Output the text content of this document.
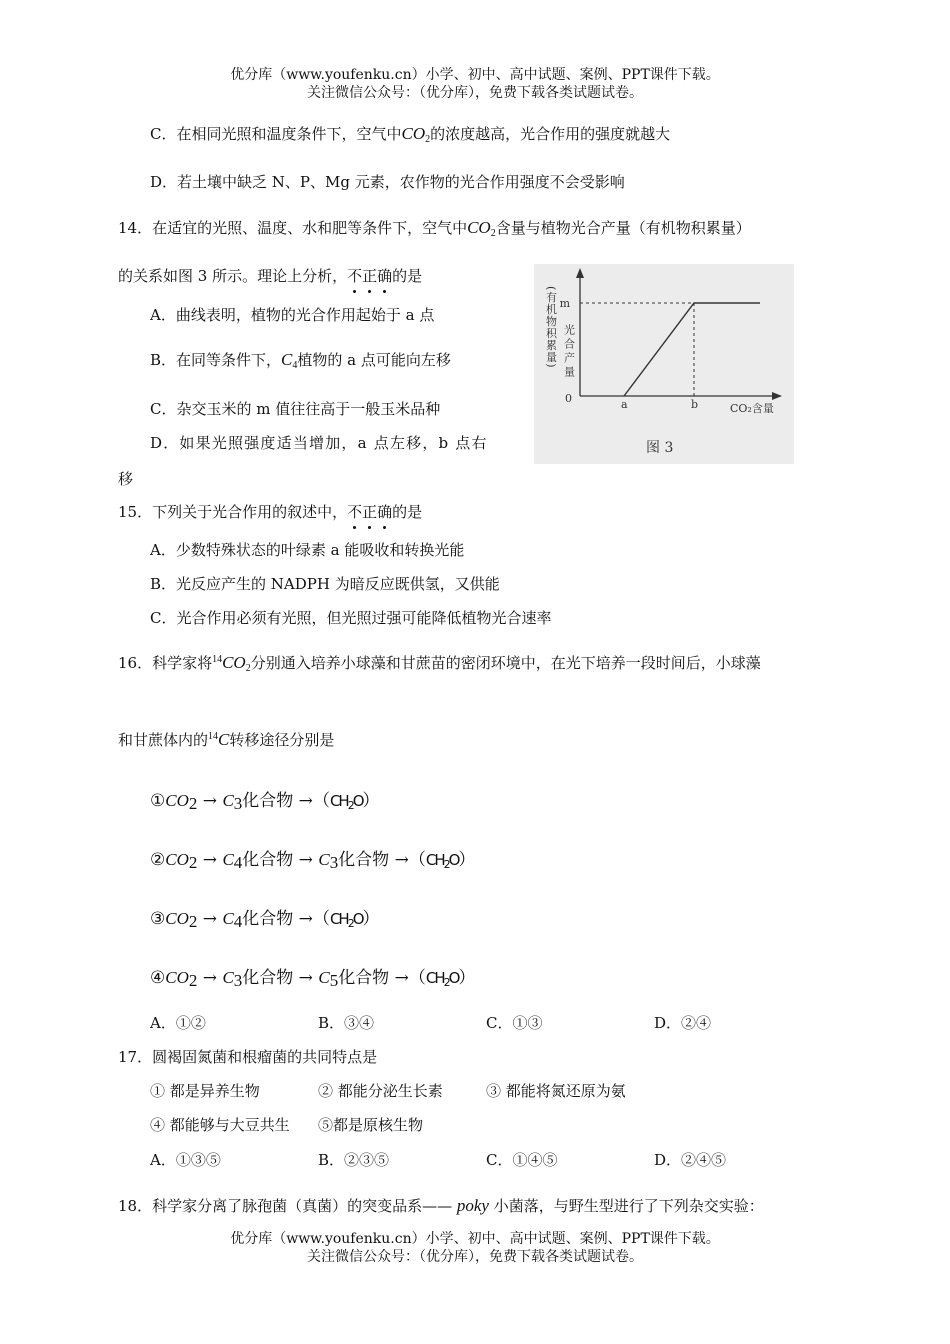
优分库（www.youfenku.cn）小学、初中、高中试题、案例、PPT课件下载。
关注微信公众号：（优分库），免费下载各类试题试卷。
C．在相同光照和温度条件下，空气中$CO_2$的浓度越高，光合作用的强度就越大
D．若土壤中缺乏 N、P、Mg 元素，农作物的光合作用强度不会受影响
14．在适宜的光照、温度、水和肥等条件下，空气中$CO_2$含量与植物光合产量（有机物积累量）
的关系如图 3 所示。理论上分析，不正确
的是
A．曲线表明，植物的光合作用起始于 a 点
B．在同等条件下，$C_4$植物的 a 点可能向左移
C．杂交玉米的 m 值往往高于一般玉米品种
D．如果光照强度适当增加，a 点左移，b 点右
移
m
0	a	b	CO₂含量
(有机物积累量) 光合产量
图 3
15．下列关于光合作用的叙述中，不正确
的是
A．少数特殊状态的叶绿素 a 能吸收和转换光能
B．光反应产生的 NADPH 为暗反应既供氢，又供能
C．光合作用必须有光照，但光照过强可能降低植物光合速率
16．科学家将$^{14}CO_2$分别通入培养小球藻和甘蔗苗的密闭环境中，在光下培养一段时间后，小球藻
和甘蔗体内的$^{14}$C转移途径分别是
①CO2 → C3化合物 $\to(CH_2O)$
②CO2 → C4化合物 → C3化合物 $\to(CH_2O)$
③CO2 → C4化合物 $\to(CH_2O)$
④CO2 → C3化合物 → C5化合物 $\to(CH_2O)$
A．①②	B．③④	C．①③	D．②④
17．圆褐固氮菌和根瘤菌的共同特点是
① 都是异养生物	② 都能分泌生长素	③ 都能将氮还原为氨
④ 都能够与大豆共生 ⑤都是原核生物
A．①③⑤	B．②③⑤	C．①④⑤	D．②④⑤
18．科学家分离了脉孢菌（真菌）的突变品系—— poky 小菌落，与野生型进行了下列杂交实验：
优分库（www.youfenku.cn）小学、初中、高中试题、案例、PPT课件下载。
关注微信公众号：（优分库），免费下载各类试题试卷。
